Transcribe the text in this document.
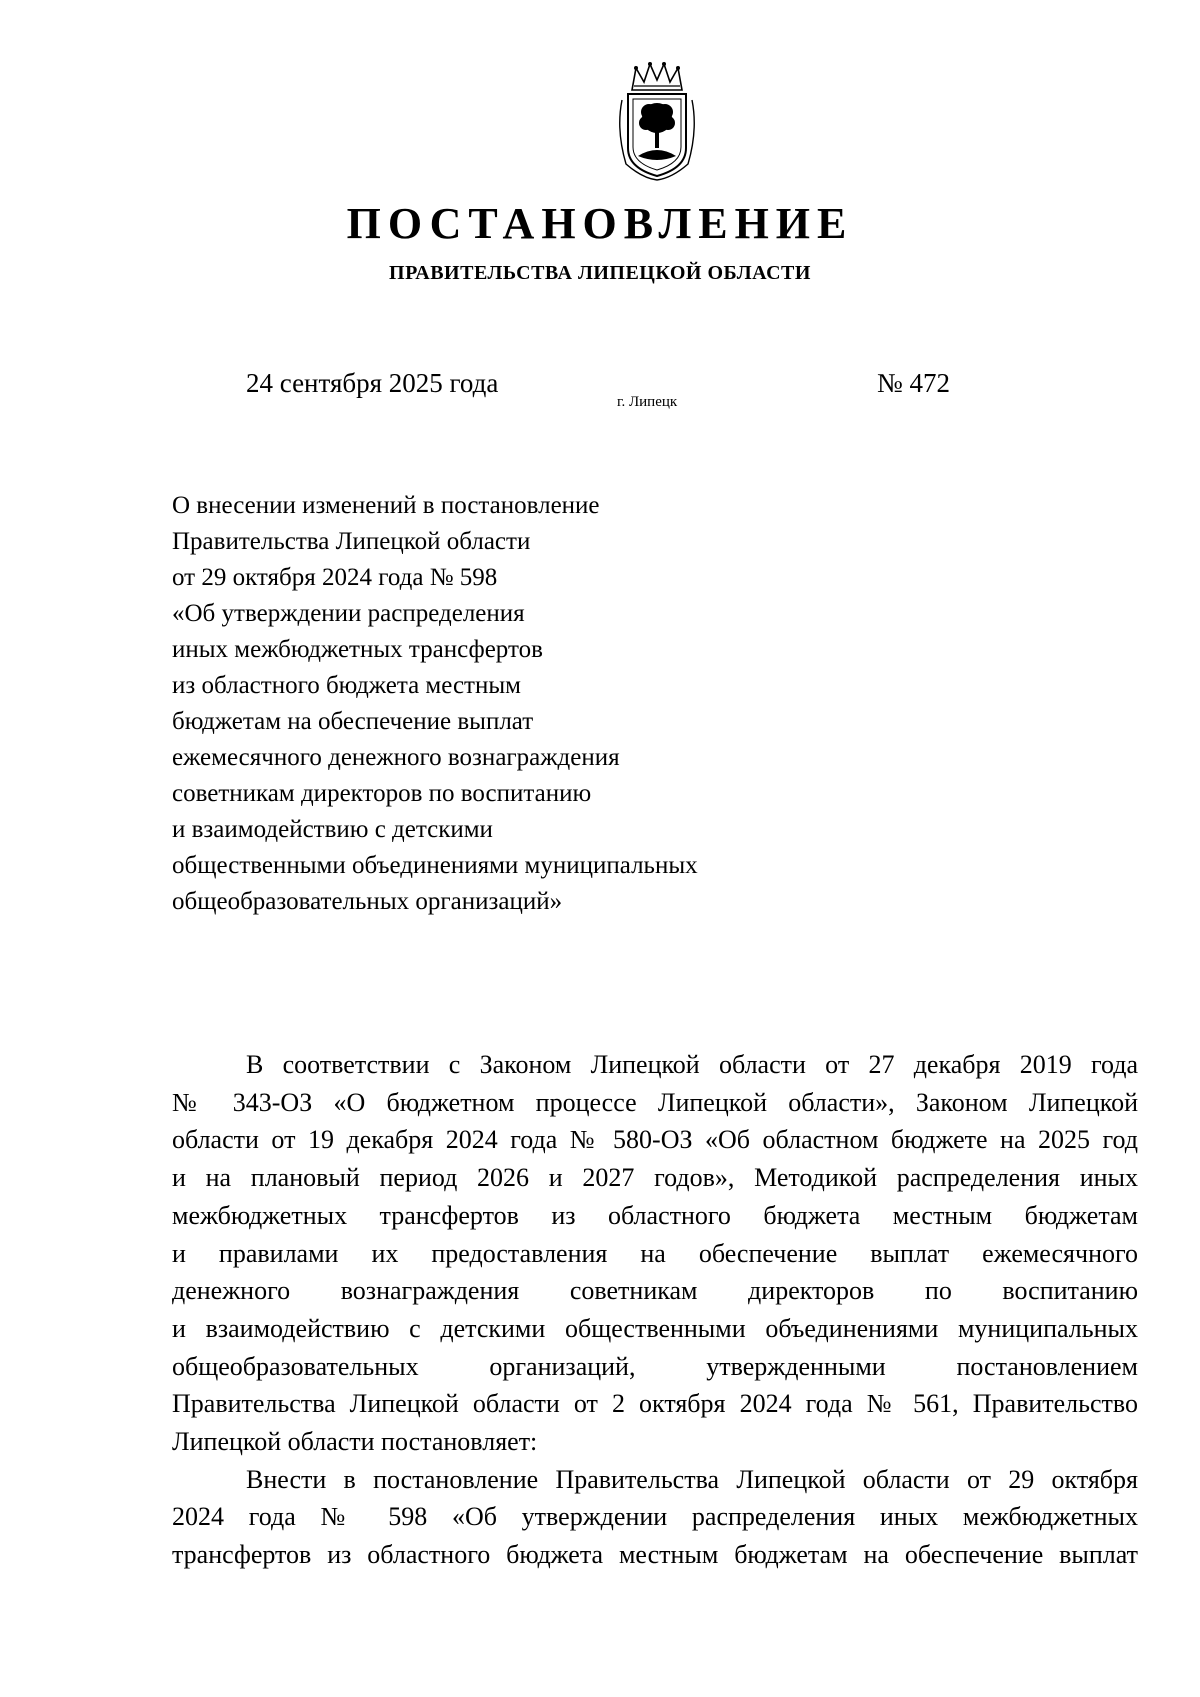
ПОСТАНОВЛЕНИЕ
ПРАВИТЕЛЬСТВА ЛИПЕЦКОЙ ОБЛАСТИ
24 сентября 2025 года
г. Липецк
№ 472
О внесении изменений в постановление
Правительства Липецкой области
от 29 октября 2024 года № 598
«Об утверждении распределения
иных межбюджетных трансфертов
из областного бюджета местным
бюджетам на обеспечение выплат
ежемесячного денежного вознаграждения
советникам директоров по воспитанию
и взаимодействию с детскими
общественными объединениями муниципальных
общеобразовательных организаций»

В соответствии с Законом Липецкой области от 27 декабря 2019 года
№ 343-ОЗ «О бюджетном процессе Липецкой области», Законом Липецкой
области от 19 декабря 2024 года № 580-ОЗ «Об областном бюджете на 2025 год
и на плановый период 2026 и 2027 годов», Методикой распределения иных
межбюджетных трансфертов из областного бюджета местным бюджетам
и правилами их предоставления на обеспечение выплат ежемесячного
денежного вознаграждения советникам директоров по воспитанию
и взаимодействию с детскими общественными объединениями муниципальных
общеобразовательных организаций, утвержденными постановлением
Правительства Липецкой области от 2 октября 2024 года № 561, Правительство
Липецкой области постановляет:

Внести в постановление Правительства Липецкой области от 29 октября
2024 года № 598 «Об утверждении распределения иных межбюджетных
трансфертов из областного бюджета местным бюджетам на обеспечение выплат
